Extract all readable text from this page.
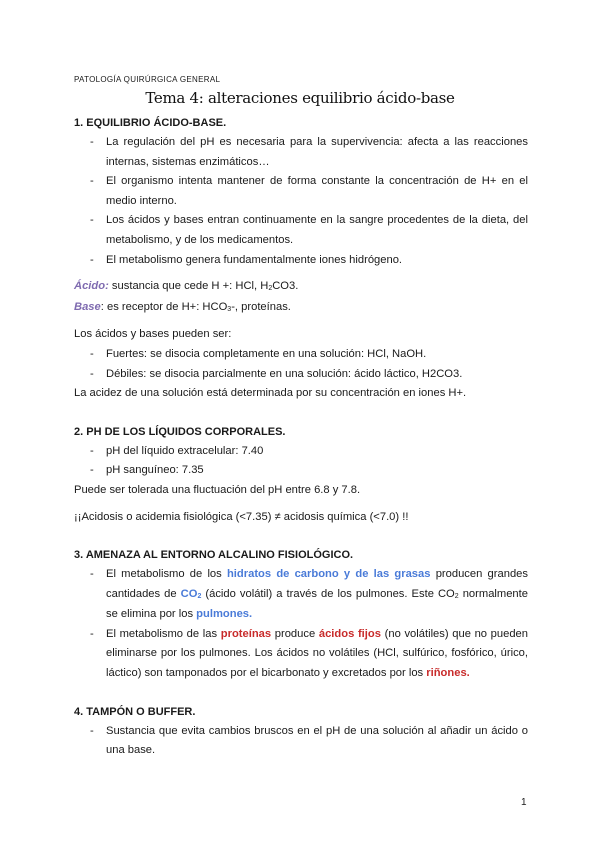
PATOLOGÍA QUIRÚRGICA GENERAL
Tema 4: alteraciones equilibrio ácido-base
1. EQUILIBRIO ÁCIDO-BASE.
- La regulación del pH es necesaria para la supervivencia: afecta a las reacciones internas, sistemas enzimáticos…
- El organismo intenta mantener de forma constante la concentración de H+ en el medio interno.
- Los ácidos y bases entran continuamente en la sangre procedentes de la dieta, del metabolismo, y de los medicamentos.
- El metabolismo genera fundamentalmente iones hidrógeno.

Ácido: sustancia que cede H +: HCl, $H_2CO3$.

Base: es receptor de H+: $HCO_3-$, proteínas.

Los ácidos y bases pueden ser:

- Fuertes: se disocia completamente en una solución: HCl, NaOH.
- Débiles: se disocia parcialmente en una solución: ácido láctico, H2CO3.

La acidez de una solución está determinada por su concentración en iones H+.

2. PH DE LOS LÍQUIDOS CORPORALES.
- pH del líquido extracelular: 7.40
- pH sanguíneo: 7.35

Puede ser tolerada una fluctuación del pH entre 6.8 y 7.8.

¡¡Acidosis o acidemia fisiológica (<7.35) ≠ acidosis química (<7.0) !!

3. AMENAZA AL ENTORNO ALCALINO FISIOLÓGICO.
- El metabolismo de los hidratos de carbono y de las grasas producen grandes cantidades de $CO_2$ (ácido volátil) a través de los pulmones. Este $CO_2$ normalmente se elimina por los pulmones.
- El metabolismo de las proteínas produce ácidos fijos (no volátiles) que no pueden eliminarse por los pulmones. Los ácidos no volátiles (HCl, sulfúrico, fosfórico, úrico, láctico) son tamponados por el bicarbonato y excretados por los riñones.
4. TAMPÓN O BUFFER.
- Sustancia que evita cambios bruscos en el pH de una solución al añadir un ácido o una base.
1
